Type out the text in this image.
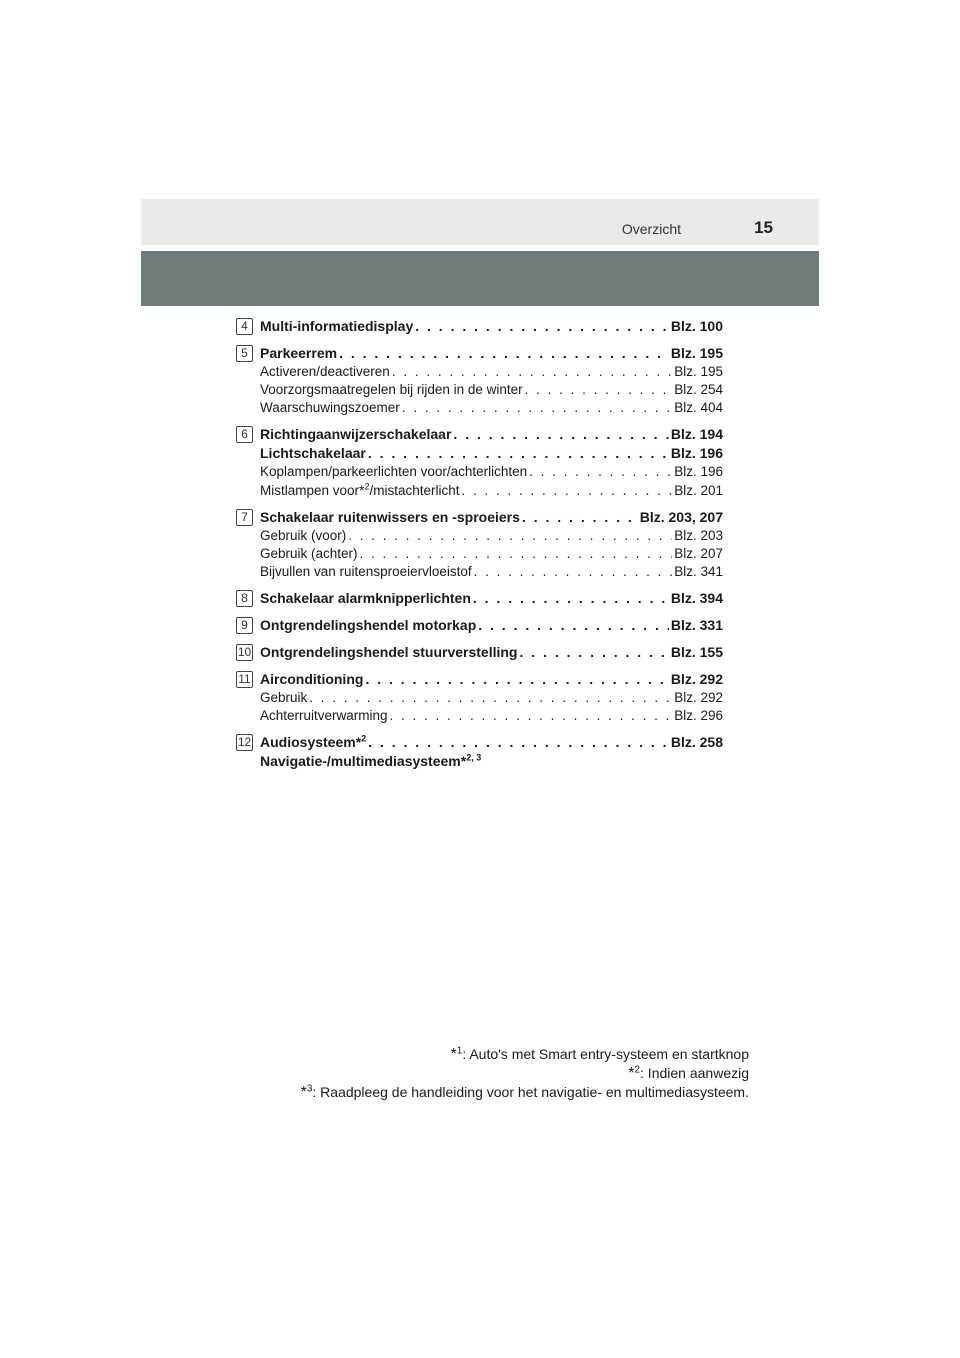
Overzicht	15
4 Multi-informatiedisplay . . .	Blz. 100
5 Parkeerrem . . .	Blz. 195
Activeren/deactiveren . . .	Blz. 195
Voorzorgsmaatregelen bij rijden in de winter . . .	Blz. 254
Waarschuwingszoemer . . .	Blz. 404
6 Richtingaanwijzerschakelaar . . .	Blz. 194
Lichtschakelaar . . .	Blz. 196
Koplampen/parkeerlichten voor/achterlichten . . .	Blz. 196
Mistlampen voor*$^2$/mistachterlicht . . .	Blz. 201
7 Schakelaar ruitenwissers en -sproeiers . . .	Blz. 203, 207
Gebruik (voor) . . .	Blz. 203
Gebruik (achter) . . .	Blz. 207
Bijvullen van ruitensproeiervloeistof . . .	Blz. 341
8 Schakelaar alarmknipperlichten . . .	Blz. 394
9 Ontgrendelingshendel motorkap . . .	Blz. 331
10 Ontgrendelingshendel stuurverstelling . . .	Blz. 155
11 Airconditioning . . .	Blz. 292
Gebruik . . .	Blz. 292
Achterruitverwarming . . .	Blz. 296
12 Audiosysteem*$^2$ . . .	Blz. 258
Navigatie-/multimediasysteem*$^{2, 3}$
*$^1$: Auto's met Smart entry-systeem en startknop
*$^2$: Indien aanwezig
*$^3$: Raadpleeg de handleiding voor het navigatie- en multimediasysteem.
